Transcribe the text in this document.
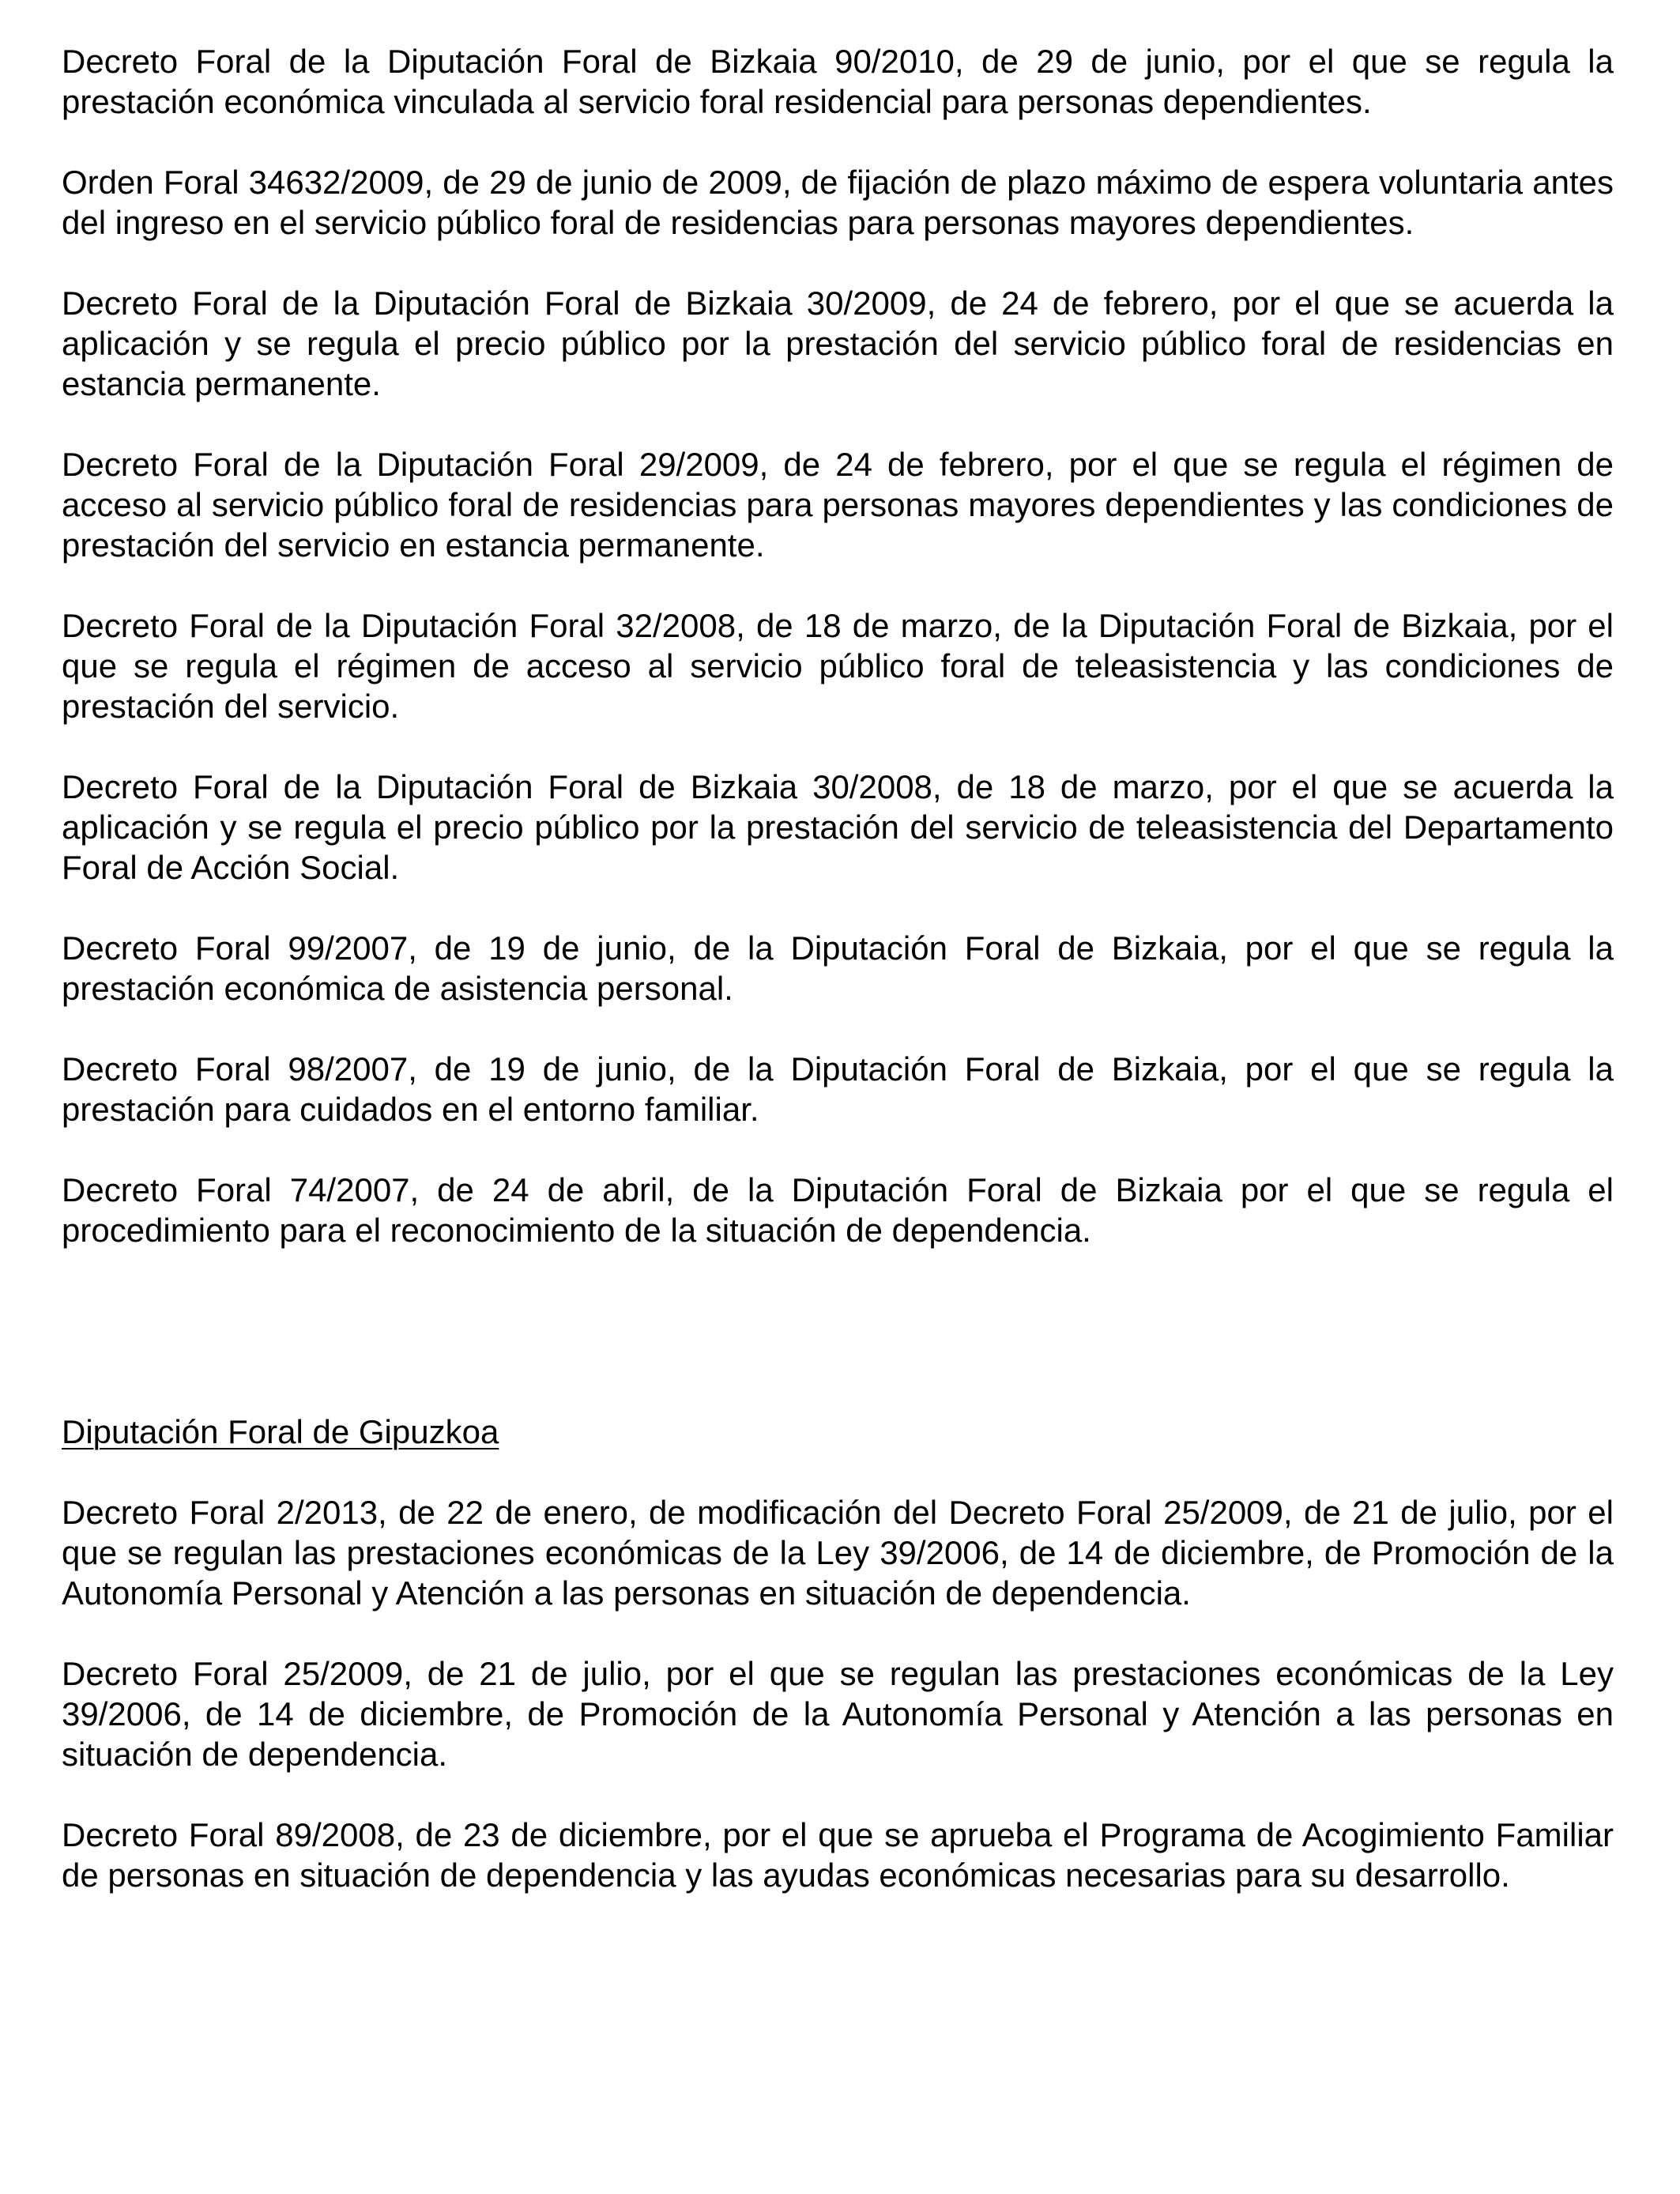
Decreto Foral de la Diputación Foral de Bizkaia 90/2010, de 29 de junio, por el que se regula la prestación económica vinculada al servicio foral residencial para personas dependientes.

Orden Foral 34632/2009, de 29 de junio de 2009, de fijación de plazo máximo de espera voluntaria antes del ingreso en el servicio público foral de residencias para personas mayores dependientes.

Decreto Foral de la Diputación Foral de Bizkaia 30/2009, de 24 de febrero, por el que se acuerda la aplicación y se regula el precio público por la prestación del servicio público foral de residencias en estancia permanente.

Decreto Foral de la Diputación Foral 29/2009, de 24 de febrero, por el que se regula el régimen de acceso al servicio público foral de residencias para personas mayores dependientes y las condiciones de prestación del servicio en estancia permanente.

Decreto Foral de la Diputación Foral 32/2008, de 18 de marzo, de la Diputación Foral de Bizkaia, por el que se regula el régimen de acceso al servicio público foral de teleasistencia y las condiciones de prestación del servicio.

Decreto Foral de la Diputación Foral de Bizkaia 30/2008, de 18 de marzo, por el que se acuerda la aplicación y se regula el precio público por la prestación del servicio de teleasistencia del Departamento Foral de Acción Social.

Decreto Foral 99/2007, de 19 de junio, de la Diputación Foral de Bizkaia, por el que se regula la prestación económica de asistencia personal.

Decreto Foral 98/2007, de 19 de junio, de la Diputación Foral de Bizkaia, por el que se regula la prestación para cuidados en el entorno familiar.

Decreto Foral 74/2007, de 24 de abril, de la Diputación Foral de Bizkaia por el que se regula el procedimiento para el reconocimiento de la situación de dependencia.

Diputación Foral de Gipuzkoa

Decreto Foral 2/2013, de 22 de enero, de modificación del Decreto Foral 25/2009, de 21 de julio, por el que se regulan las prestaciones económicas de la Ley 39/2006, de 14 de diciembre, de Promoción de la Autonomía Personal y Atención a las personas en situación de dependencia.

Decreto Foral 25/2009, de 21 de julio, por el que se regulan las prestaciones económicas de la Ley 39/2006, de 14 de diciembre, de Promoción de la Autonomía Personal y Atención a las personas en situación de dependencia.

Decreto Foral 89/2008, de 23 de diciembre, por el que se aprueba el Programa de Acogimiento Familiar de personas en situación de dependencia y las ayudas económicas necesarias para su desarrollo.
